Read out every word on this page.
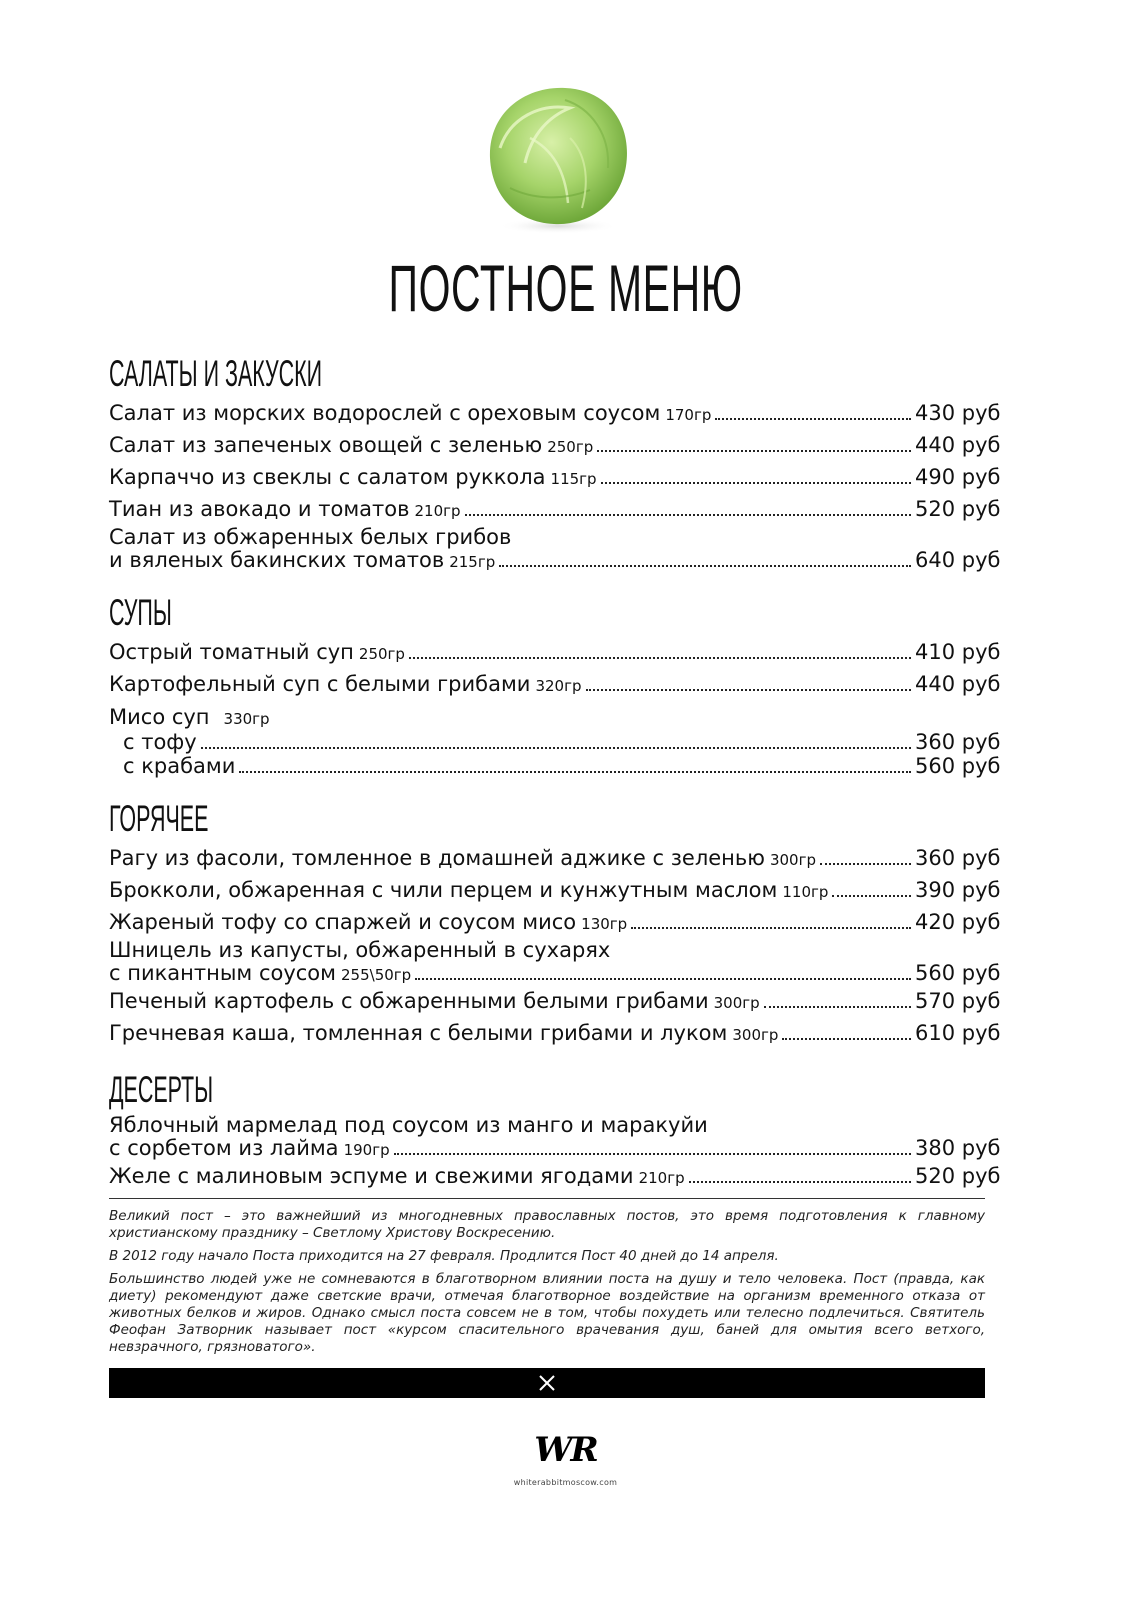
ПОСТНОЕ МЕНЮ
САЛАТЫ И ЗАКУСКИ
Салат из морских водорослей с ореховым соусом 170гр	430 руб
Салат из запеченых овощей с зеленью 250гр	440 руб
Карпаччо из свеклы с салатом руккола 115гр	490 руб
Тиан из авокадо и томатов 210гр	520 руб
Салат из обжаренных белых грибов
и вяленых бакинских томатов 215гр	640 руб
СУПЫ
Острый томатный суп 250гр	410 руб
Картофельный суп с белыми грибами 320гр	440 руб
Мисо суп 330гр
с тофу	360 руб
с крабами	560 руб
ГОРЯЧЕЕ
Рагу из фасоли, томленное в домашней аджике с зеленью 300гр	360 руб
Брокколи, обжаренная с чили перцем и кунжутным маслом 110гр	390 руб
Жареный тофу со спаржей и соусом мисо 130гр	420 руб
Шницель из капусты, обжаренный в сухарях
с пикантным соусом 255\50гр	560 руб
Печеный картофель с обжаренными белыми грибами 300гр	570 руб
Гречневая каша, томленная с белыми грибами и луком 300гр	610 руб
ДЕСЕРТЫ
Яблочный мармелад под соусом из манго и маракуйи
с сорбетом из лайма 190гр	380 руб
Желе с малиновым эспуме и свежими ягодами 210гр	520 руб

Великий пост – это важнейший из многодневных православных постов, это время подготовления к главному христианскому празднику – Светлому Христову Воскресению.

В 2012 году начало Поста приходится на 27 февраля. Продлится Пост 40 дней до 14 апреля.

Большинство людей уже не сомневаются в благотворном влиянии поста на душу и тело человека. Пост (правда, как диету) рекомендуют даже светские врачи, отмечая благотворное воздействие на организм временного отказа от животных белков и жиров. Однако смысл поста совсем не в том, чтобы похудеть или телесно подлечиться. Святитель Феофан Затворник называет пост «курсом спасительного врачевания душ, баней для омытия всего ветхого, невзрачного, грязноватого».

WR
whiterabbitmoscow.com
